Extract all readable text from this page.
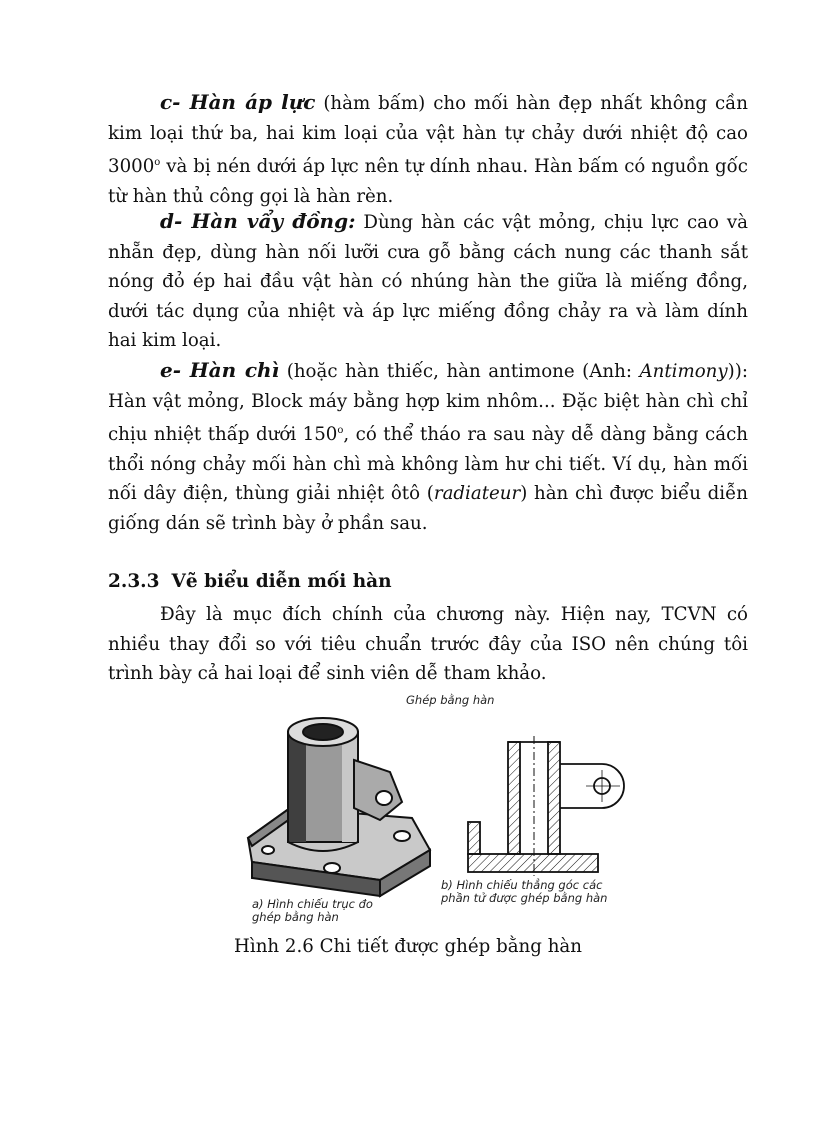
c- Hàn áp lực (hàm bấm) cho mối hàn đẹp nhất không cần kim loại thứ ba, hai kim loại của vật hàn tự chảy dưới nhiệt độ cao 3000$^o$ và bị nén dưới áp lực nên tự dính nhau. Hàn bấm có nguồn gốc từ hàn thủ công gọi là hàn rèn.

d- Hàn vẩy đồng: Dùng hàn các vật mỏng, chịu lực cao và nhẵn đẹp, dùng hàn nối lưỡi cưa gỗ bằng cách nung các thanh sắt nóng đỏ ép hai đầu vật hàn có nhúng hàn the giữa là miếng đồng, dưới tác dụng của nhiệt và áp lực miếng đồng chảy ra và làm dính hai kim loại.

e- Hàn chì (hoặc hàn thiếc, hàn antimone (Anh: Antimony)): Hàn vật mỏng, Block máy bằng hợp kim nhôm... Đặc biệt hàn chì chỉ chịu nhiệt thấp dưới 150$^o$, có thể tháo ra sau này dễ dàng bằng cách thổi nóng chảy mối hàn chì mà không làm hư chi tiết. Ví dụ, hàn mối nối dây điện, thùng giải nhiệt ôtô (radiateur) hàn chì được biểu diễn giống dán sẽ trình bày ở phần sau.

2.3.3 Vẽ biểu diễn mối hàn

Đây là mục đích chính của chương này. Hiện nay, TCVN có nhiều thay đổi so với tiêu chuẩn trước đây của ISO nên chúng tôi trình bày cả hai loại để sinh viên dễ tham khảo.

Ghép bằng hàn
a) Hình chiếu trục đo ghép bằng hàn
b) Hình chiếu thẳng góc các phần tử được ghép bằng hàn
Hình 2.6 Chi tiết được ghép bằng hàn
